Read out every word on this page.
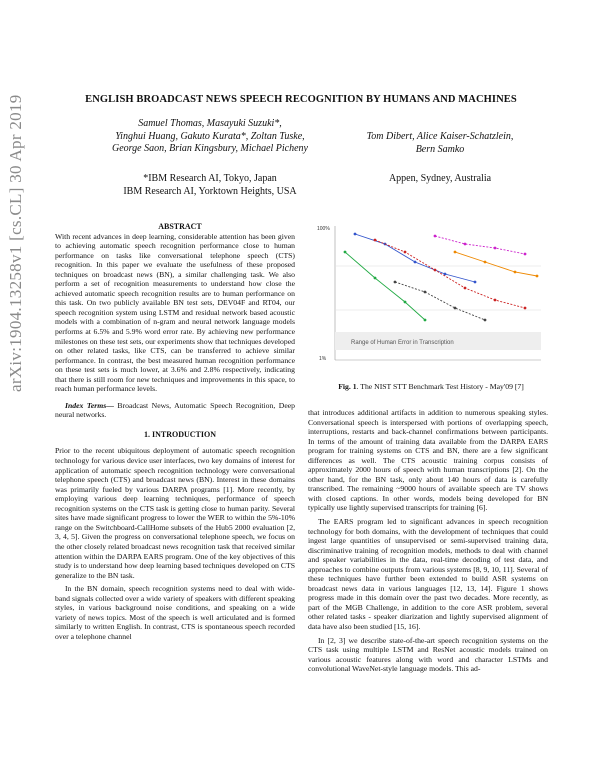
arXiv:1904.13258v1 [cs.CL] 30 Apr 2019	ENGLISH BROADCAST NEWS SPEECH RECOGNITION BY HUMANS AND MACHINES
Samuel Thomas, Masayuki Suzuki*,
Yinghui Huang, Gakuto Kurata*, Zoltan Tuske,
George Saon, Brian Kingsbury, Michael Picheny
Tom Dibert, Alice Kaiser-Schatzlein,
Bern Samko
*IBM Research AI, Tokyo, Japan
IBM Research AI, Yorktown Heights, USA
Appen, Sydney, Australia

ABSTRACT

With recent advances in deep learning, considerable attention has been given to achieving automatic speech recognition performance close to human performance on tasks like conversational telephone speech (CTS) recognition. In this paper we evaluate the usefulness of these proposed techniques on broadcast news (BN), a similar challenging task. We also perform a set of recognition measurements to understand how close the achieved automatic speech recognition results are to human performance on this task. On two publicly available BN test sets, DEV04F and RT04, our speech recognition system using LSTM and residual network based acoustic models with a combination of n-gram and neural network language models performs at 6.5% and 5.9% word error rate. By achieving new performance milestones on these test sets, our experiments show that techniques developed on other related tasks, like CTS, can be transferred to achieve similar performance. In contrast, the best measured human recognition performance on these test sets is much lower, at 3.6% and 2.8% respectively, indicating that there is still room for new techniques and improvements in this space, to reach human performance levels.

Index Terms— Broadcast News, Automatic Speech Recognition, Deep neural networks.

1. INTRODUCTION

Prior to the recent ubiquitous deployment of automatic speech recognition technology for various device user interfaces, two key domains of interest for application of automatic speech recognition technology were conversational telephone speech (CTS) and broadcast news (BN). Interest in these domains was primarily fueled by various DARPA programs [1]. More recently, by employing various deep learning techniques, performance of speech recognition systems on the CTS task is getting close to human parity. Several sites have made significant progress to lower the WER to within the 5%-10% range on the Switchboard-CallHome subsets of the Hub5 2000 evaluation [2, 3, 4, 5]. Given the progress on conversational telephone speech, we focus on the other closely related broadcast news recognition task that received similar attention within the DARPA EARS program. One of the key objectives of this study is to understand how deep learning based techniques developed on CTS generalize to the BN task.

In the BN domain, speech recognition systems need to deal with wide-band signals collected over a wide variety of speakers with different speaking styles, in various background noise conditions, and speaking on a wide variety of news topics. Most of the speech is well articulated and is formed similarly to written English. In contrast, CTS is spontaneous speech recorded over a telephone channel

100%
1%
Range of Human Error in Transcription
Fig. 1. The NIST STT Benchmark Test History - May'09 [7]

that introduces additional artifacts in addition to numerous speaking styles. Conversational speech is interspersed with portions of overlapping speech, interruptions, restarts and back-channel confirmations between participants. In terms of the amount of training data available from the DARPA EARS program for training systems on CTS and BN, there are a few significant differences as well. The CTS acoustic training corpus consists of approximately 2000 hours of speech with human transcriptions [2]. On the other hand, for the BN task, only about 140 hours of data is carefully transcribed. The remaining ~9000 hours of available speech are TV shows with closed captions. In other words, models being developed for BN typically use lightly supervised transcripts for training [6].

The EARS program led to significant advances in speech recognition technology for both domains, with the development of techniques that could ingest large quantities of unsupervised or semi-supervised training data, discriminative training of recognition models, methods to deal with channel and speaker variabilities in the data, real-time decoding of test data, and approaches to combine outputs from various systems [8, 9, 10, 11]. Several of these techniques have further been extended to build ASR systems on broadcast news data in various languages [12, 13, 14]. Figure 1 shows progress made in this domain over the past two decades. More recently, as part of the MGB Challenge, in addition to the core ASR problem, several other related tasks - speaker diarization and lightly supervised alignment of data have also been studied [15, 16].

In [2, 3] we describe state-of-the-art speech recognition systems on the CTS task using multiple LSTM and ResNet acoustic models trained on various acoustic features along with word and character LSTMs and convolutional WaveNet-style language models. This ad-
